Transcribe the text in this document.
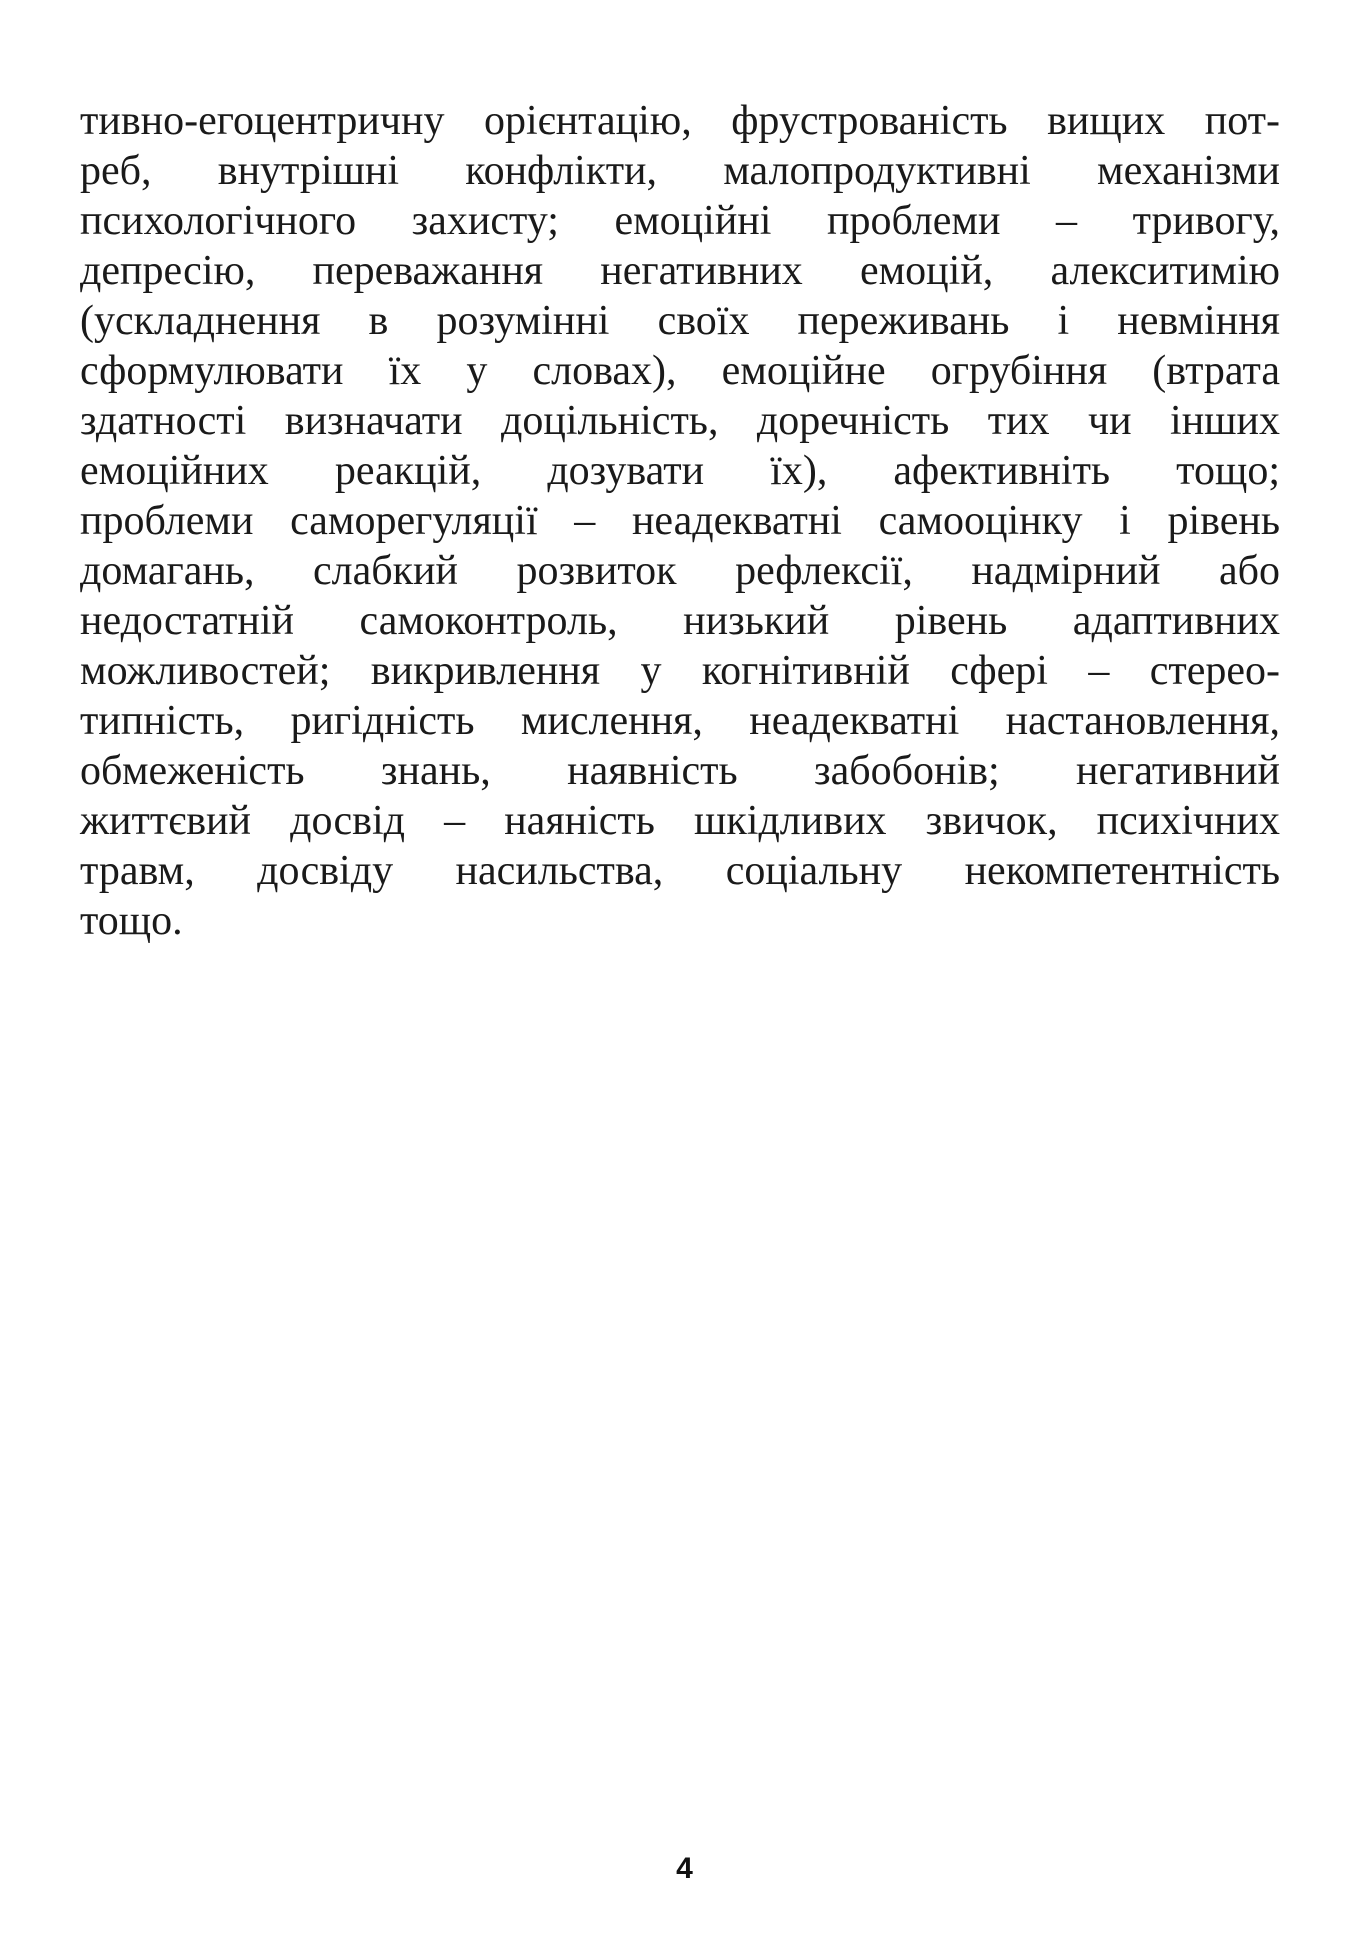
тивно-егоцентричну орієнтацію, фрустрованість вищих пот-
реб, внутрішні конфлікти, малопродуктивні механізми
психологічного захисту; емоційні проблеми – тривогу,
депресію, переважання негативних емоцій, алекситимію
(ускладнення в розумінні своїх переживань і невміння
сформулювати їх у словах), емоційне огрубіння (втрата
здатності визначати доцільність, доречність тих чи інших
емоційних реакцій, дозувати їх), афективніть тощо;
проблеми саморегуляції – неадекватні самооцінку і рівень
домагань, слабкий розвиток рефлексії, надмірний або
недостатній самоконтроль, низький рівень адаптивних
можливостей; викривлення у когнітивній сфері – стерео-
типність, ригідність мислення, неадекватні настановлення,
обмеженість знань, наявність забобонів; негативний
життєвий досвід – наяність шкідливих звичок, психічних
травм, досвіду насильства, соціальну некомпетентність
тощо.
4
